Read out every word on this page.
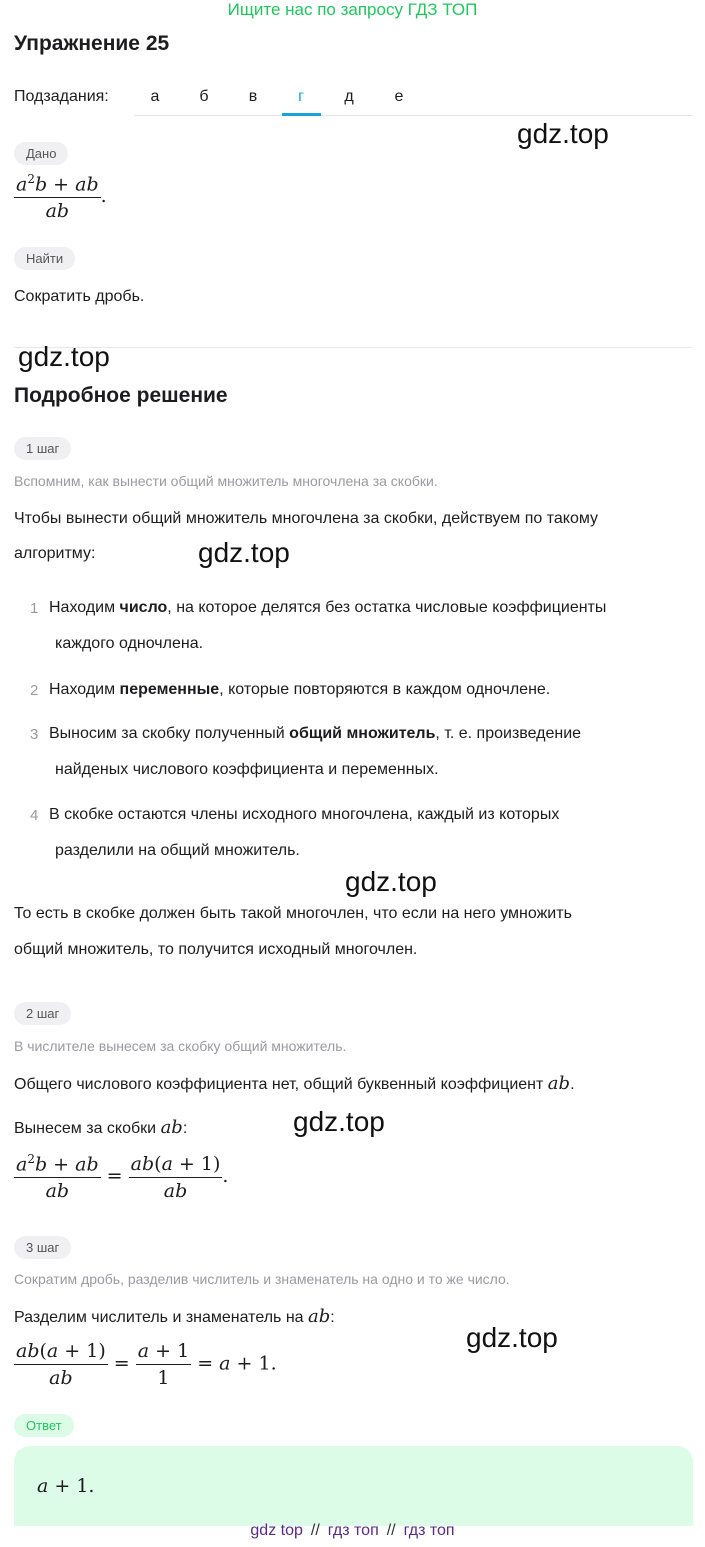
Ищите нас по запросу ГДЗ ТОП
Упражнение 25
Подзадания:	а	б	в	г	д	е
Дано
gdz.top
$\frac{a^2b + ab}{ab}$ .
Найти
Сократить дробь.
gdz.top
Подробное решение
1 шаг
Вспомним, как вынести общий множитель многочлена за скобки.
Чтобы вынести общий множитель многочлена за скобки, действуем по такому
алгоритму:	gdz.top
1 Находим число, на которое делятся без остатка числовые коэффициенты
каждого одночлена.
2 Находим переменные, которые повторяются в каждом одночлене.
3 Выносим за скобку полученный общий множитель, т. е. произведение
найденых числового коэффициента и переменных.
4 В скобке остаются члены исходного многочлена, каждый из которых
разделили на общий множитель.
gdz.top
То есть в скобке должен быть такой многочлен, что если на него умножить
общий множитель, то получится исходный многочлен.
2 шаг
В числителе вынесем за скобку общий множитель.
Общего числового коэффициента нет, общий буквенный коэффициент ab.
Вынесем за скобки ab:	gdz.top
$\frac{a^2b + ab}{ab} = \frac{ab(a + 1)}{ab}$ .
3 шаг
Сократим дробь, разделив числитель и знаменатель на одно и то же число.
Разделим числитель и знаменатель на ab:
gdz.top
$\frac{ab(a + 1)}{ab} = \frac{a + 1}{1} = a + 1$.
Ответ
a + 1.
gdz top // гдз топ // гдз топ
